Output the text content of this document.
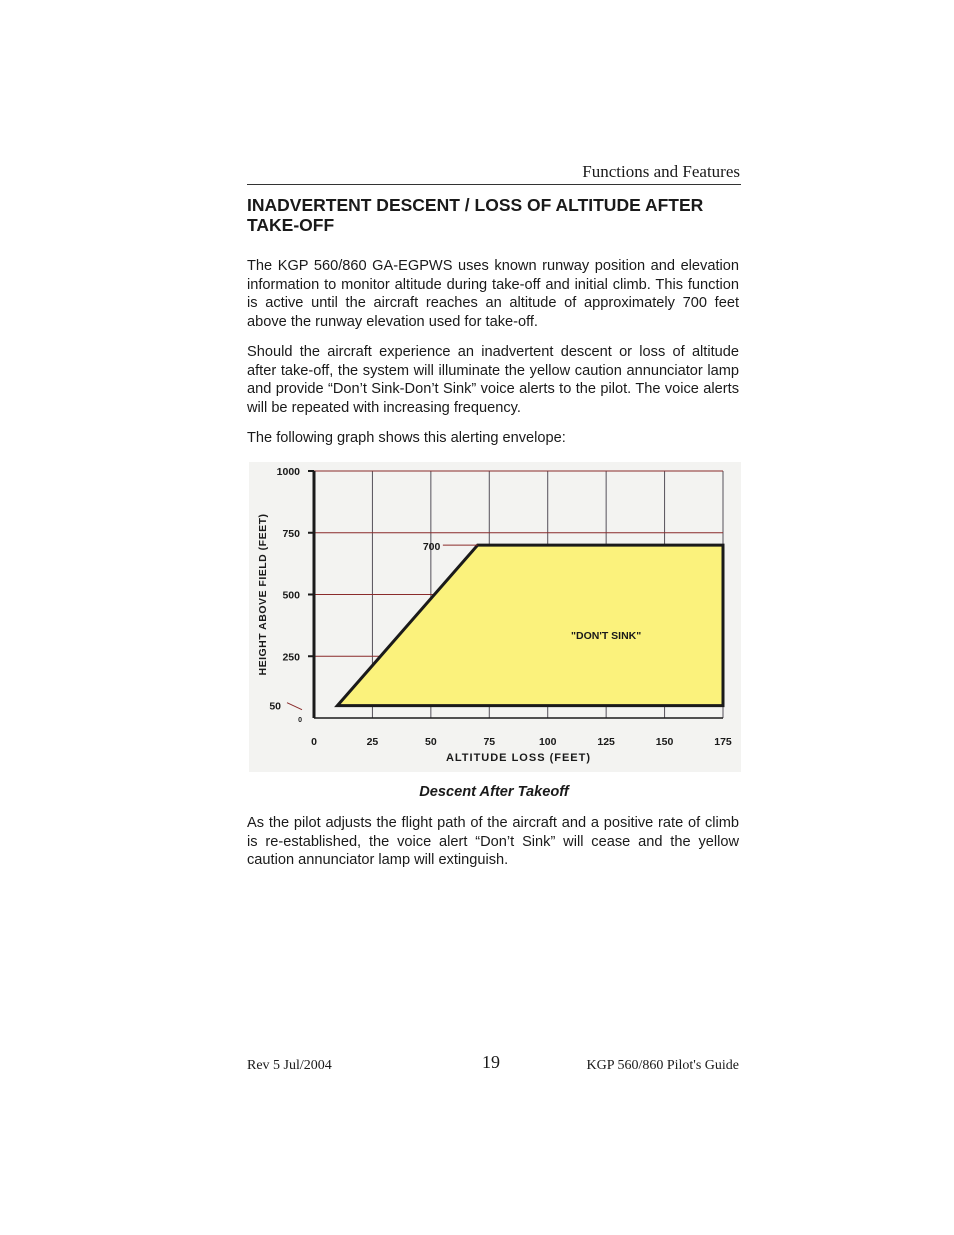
Functions and Features
INADVERTENT DESCENT / LOSS OF ALTITUDE AFTER TAKE-OFF

The KGP 560/860 GA-EGPWS uses known runway position and elevation information to monitor altitude during take-off and initial climb. This function is active until the aircraft reaches an altitude of approximately 700 feet above the runway elevation used for take-off.

Should the aircraft experience an inadvertent descent or loss of altitude after take-off, the system will illuminate the yellow caution annunciator lamp and provide “Don’t Sink-Don’t Sink” voice alerts to the pilot. The voice alerts will be repeated with increasing frequency.

The following graph shows this alerting envelope:

0
50
250
500
750
1000
0	25	50	75	100	125	150	175
"DON'T SINK"
700
ALTITUDE LOSS (FEET)
HEIGHT ABOVE FIELD (FEET)
Descent After Takeoff

As the pilot adjusts the flight path of the aircraft and a positive rate of climb is re-established, the voice alert “Don’t Sink” will cease and the yellow caution annunciator lamp will extinguish.

Rev 5 Jul/2004	19	KGP 560/860 Pilot's Guide
